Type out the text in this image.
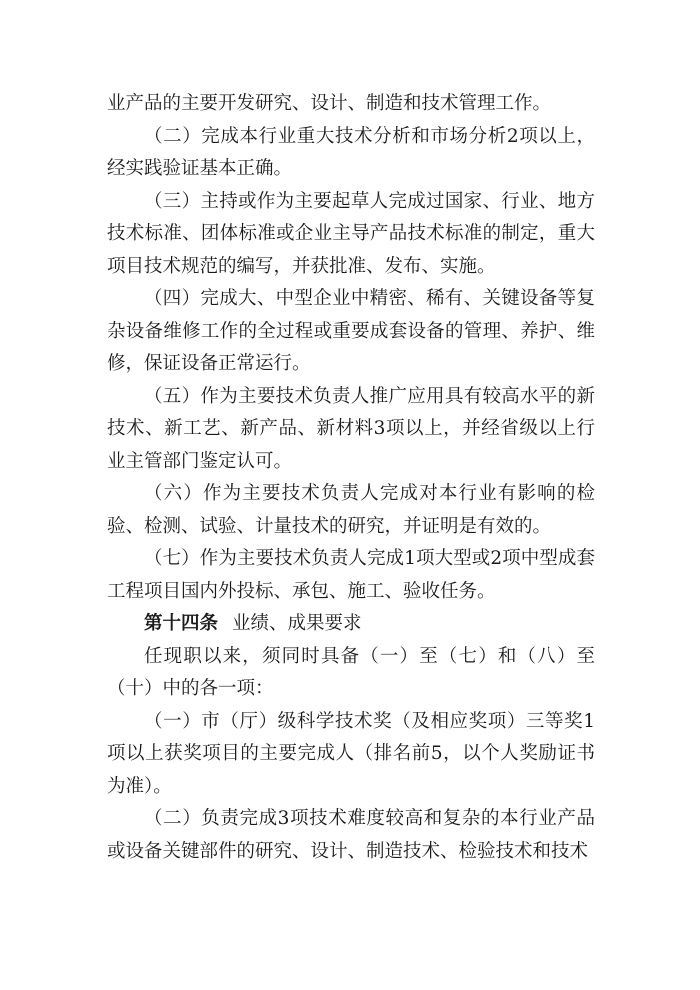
业产品的主要开发研究、设计、制造和技术管理工作。

（二）完成本行业重大技术分析和市场分析2项以上，经实践验证基本正确。

（三）主持或作为主要起草人完成过国家、行业、地方技术标准、团体标准或企业主导产品技术标准的制定，重大项目技术规范的编写，并获批准、发布、实施。

（四）完成大、中型企业中精密、稀有、关键设备等复杂设备维修工作的全过程或重要成套设备的管理、养护、维修，保证设备正常运行。

（五）作为主要技术负责人推广应用具有较高水平的新技术、新工艺、新产品、新材料3项以上，并经省级以上行业主管部门鉴定认可。

（六）作为主要技术负责人完成对本行业有影响的检验、检测、试验、计量技术的研究，并证明是有效的。

（七）作为主要技术负责人完成1项大型或2项中型成套工程项目国内外投标、承包、施工、验收任务。

第十四条 业绩、成果要求

任现职以来，须同时具备（一）至（七）和（八）至（十）中的各一项：

（一）市（厅）级科学技术奖（及相应奖项）三等奖1项以上获奖项目的主要完成人（排名前5，以个人奖励证书为准）。

（二）负责完成3项技术难度较高和复杂的本行业产品或设备关键部件的研究、设计、制造技术、检验技术和技术
